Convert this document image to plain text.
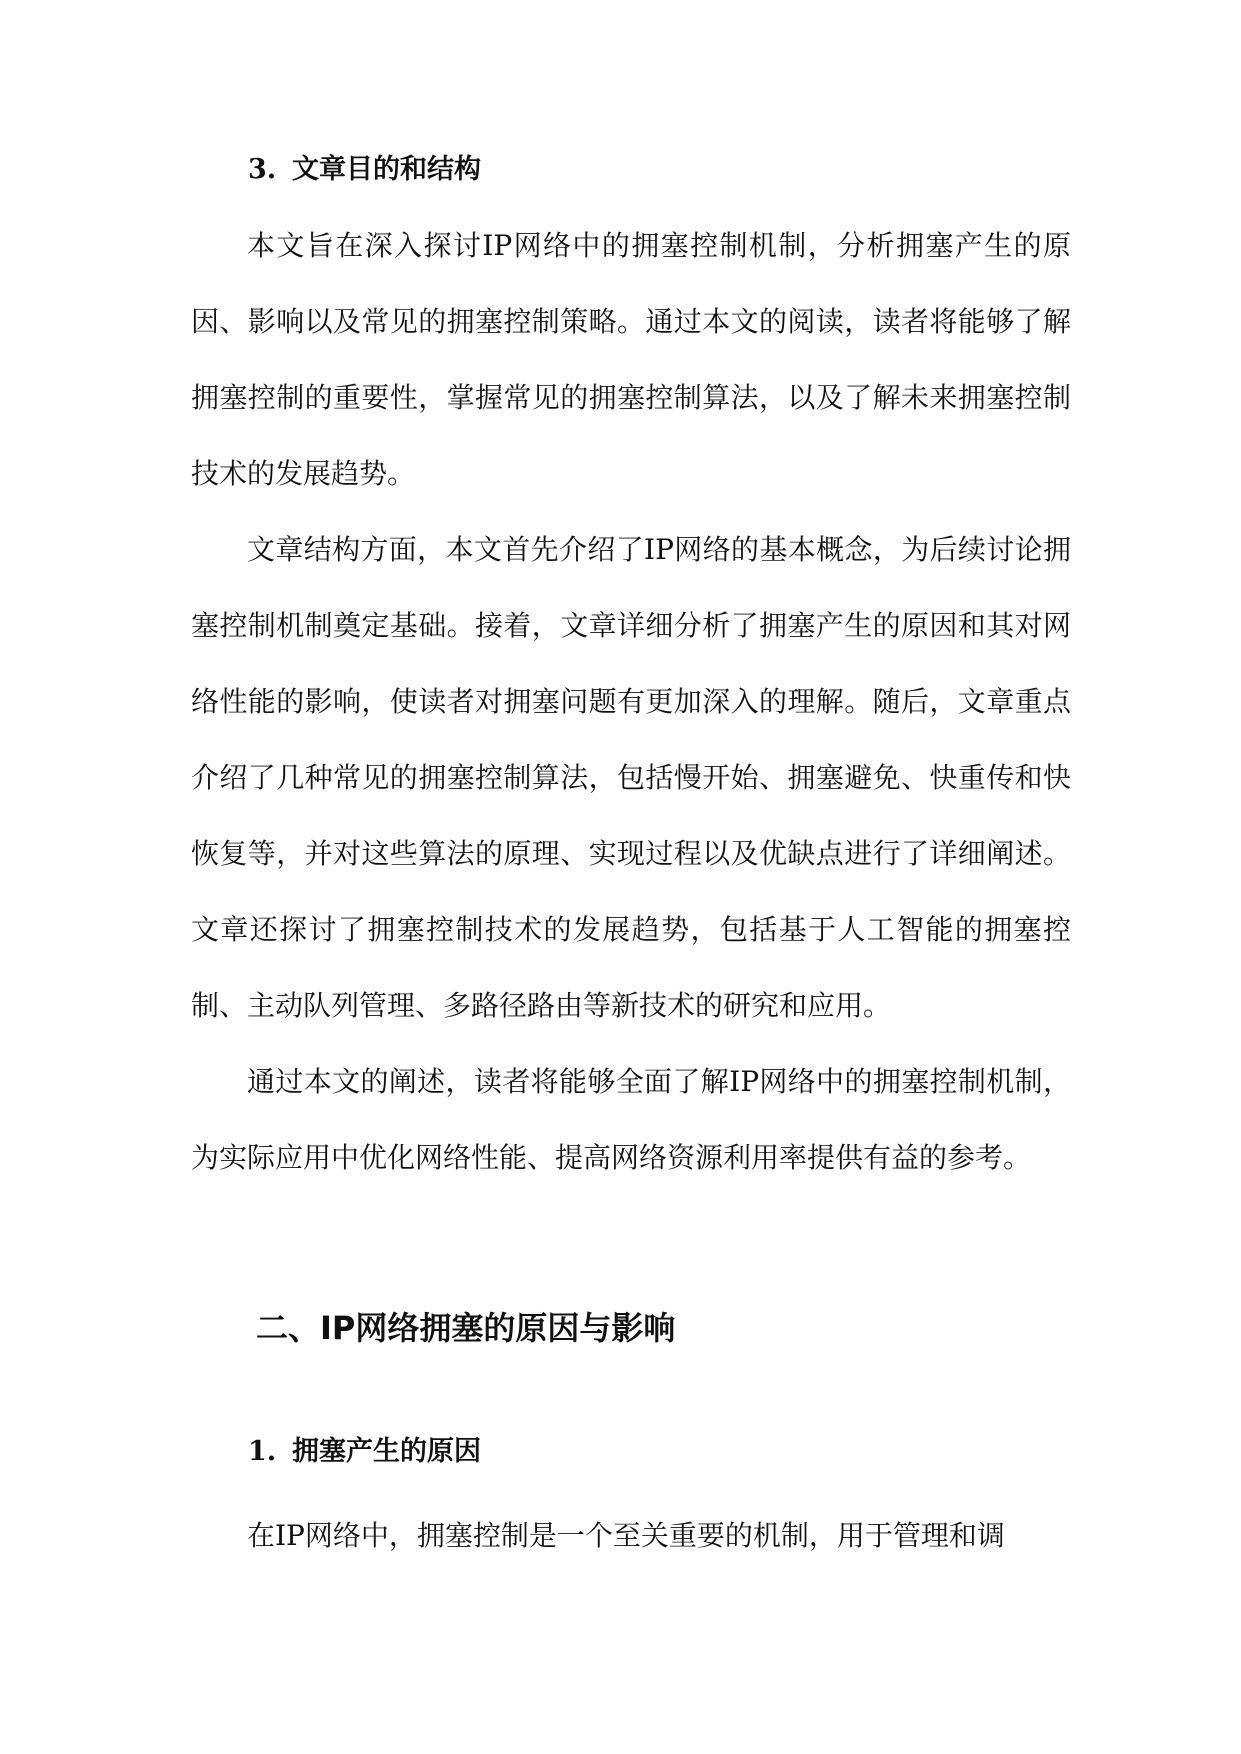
3. 文章目的和结构

本文旨在深入探讨IP网络中的拥塞控制机制，分析拥塞产生的原因、影响以及常见的拥塞控制策略。通过本文的阅读，读者将能够了解拥塞控制的重要性，掌握常见的拥塞控制算法，以及了解未来拥塞控制技术的发展趋势。

文章结构方面，本文首先介绍了IP网络的基本概念，为后续讨论拥塞控制机制奠定基础。接着，文章详细分析了拥塞产生的原因和其对网络性能的影响，使读者对拥塞问题有更加深入的理解。随后，文章重点介绍了几种常见的拥塞控制算法，包括慢开始、拥塞避免、快重传和快恢复等，并对这些算法的原理、实现过程以及优缺点进行了详细阐述。文章还探讨了拥塞控制技术的发展趋势，包括基于人工智能的拥塞控制、主动队列管理、多路径路由等新技术的研究和应用。

通过本文的阐述，读者将能够全面了解IP网络中的拥塞控制机制，为实际应用中优化网络性能、提高网络资源利用率提供有益的参考。

二、IP网络拥塞的原因与影响
1. 拥塞产生的原因

在IP网络中，拥塞控制是一个至关重要的机制，用于管理和调
